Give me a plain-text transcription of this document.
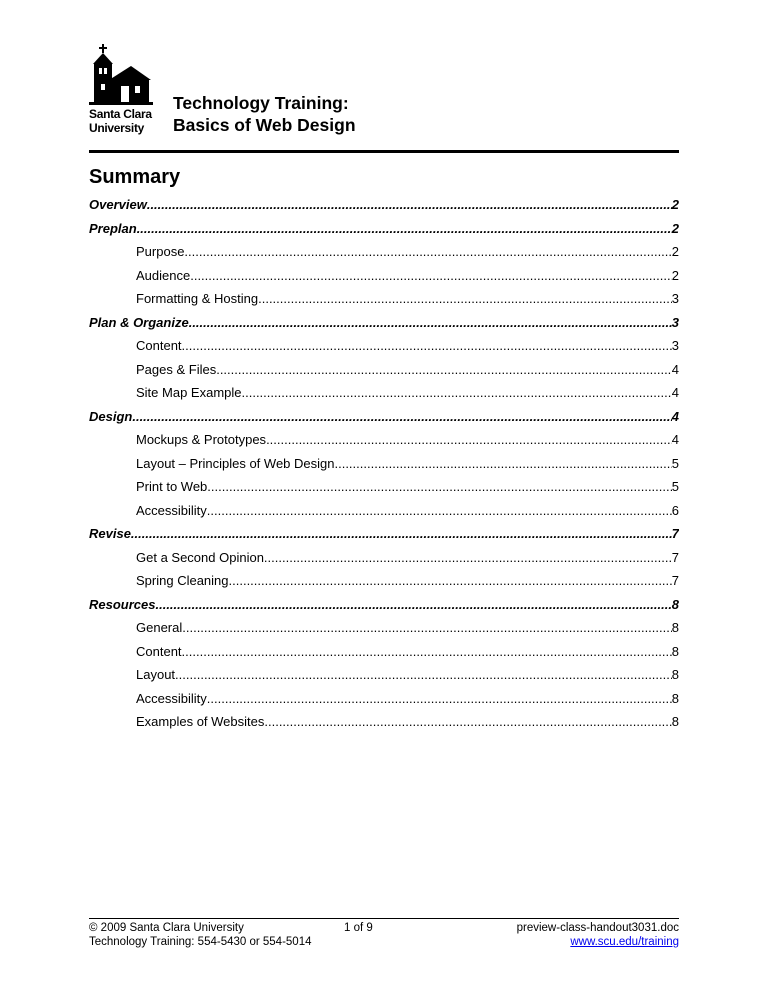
Santa Clara
University
Technology Training:
Basics of Web Design
Summary
Overview .....	2
Preplan .....	2
Purpose .....	2
Audience .....	2
Formatting & Hosting .....	3
Plan & Organize .....	3
Content .....	3
Pages & Files .....	4
Site Map Example .....	4
Design .....	4
Mockups & Prototypes .....	4
Layout – Principles of Web Design .....	5
Print to Web .....	5
Accessibility .....	6
Revise .....	7
Get a Second Opinion .....	7
Spring Cleaning .....	7
Resources .....	8
General .....	8
Content .....	8
Layout .....	8
Accessibility .....	8
Examples of Websites .....	8
© 2009 Santa Clara University
Technology Training: 554-5430 or 554-5014
1 of 9	preview-class-handout3031.doc
www.scu.edu/training
